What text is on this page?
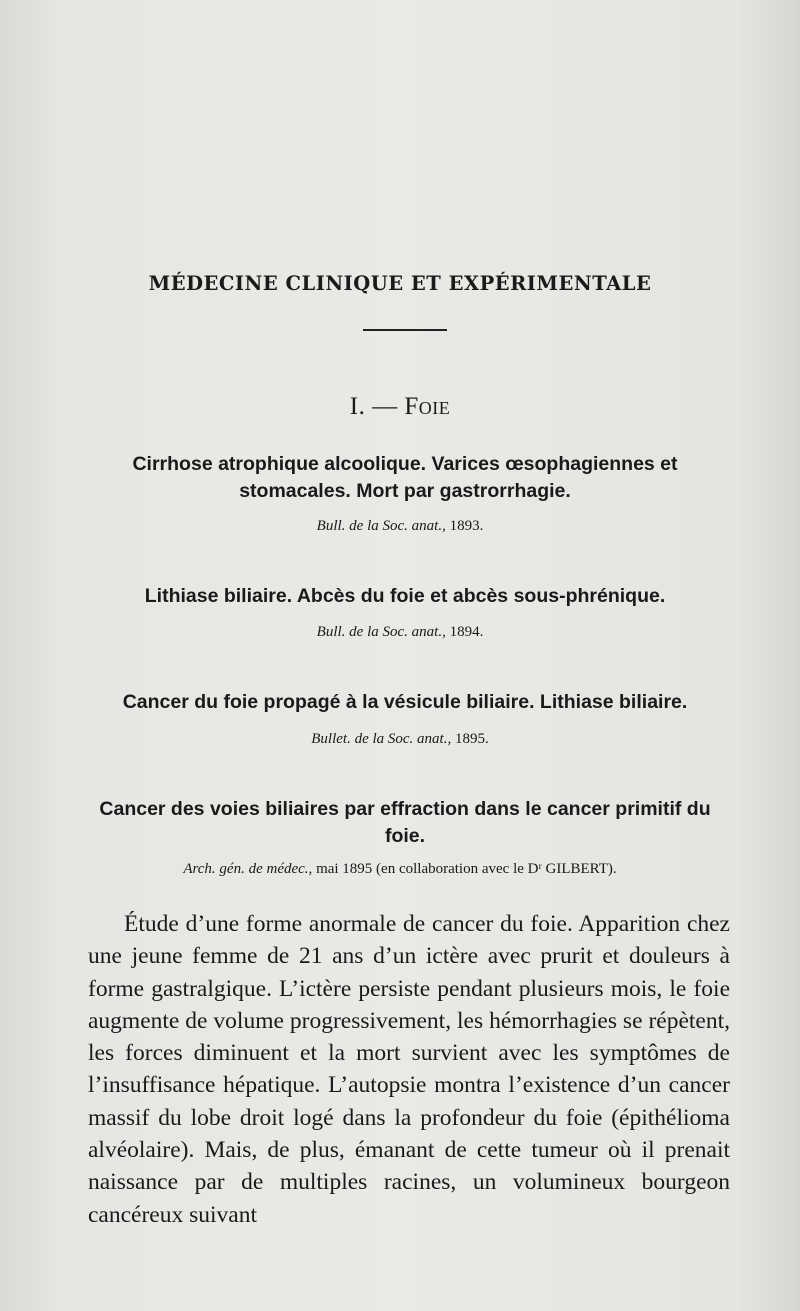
MÉDECINE CLINIQUE ET EXPÉRIMENTALE
I. — Foie
Cirrhose atrophique alcoolique. Varices œsophagiennes et stomacales. Mort par gastrorrhagie.
Bull. de la Soc. anat., 1893.
Lithiase biliaire. Abcès du foie et abcès sous-phrénique.
Bull. de la Soc. anat., 1894.
Cancer du foie propagé à la vésicule biliaire. Lithiase biliaire.
Bullet. de la Soc. anat., 1895.
Cancer des voies biliaires par effraction dans le cancer primitif du foie.
Arch. gén. de médec., mai 1895 (en collaboration avec le Dʳ GILBERT).
Étude d’une forme anormale de cancer du foie. Apparition chez une jeune femme de 21 ans d’un ictère avec prurit et douleurs à forme gastralgique. L’ictère persiste pendant plusieurs mois, le foie augmente de volume progressivement, les hémorrhagies se répètent, les forces diminuent et la mort survient avec les symptômes de l’insuffisance hépatique. L’autopsie montra l’existence d’un cancer massif du lobe droit logé dans la profondeur du foie (épithélioma alvéolaire). Mais, de plus, émanant de cette tumeur où il prenait naissance par de multiples racines, un volumineux bourgeon cancéreux suivant
